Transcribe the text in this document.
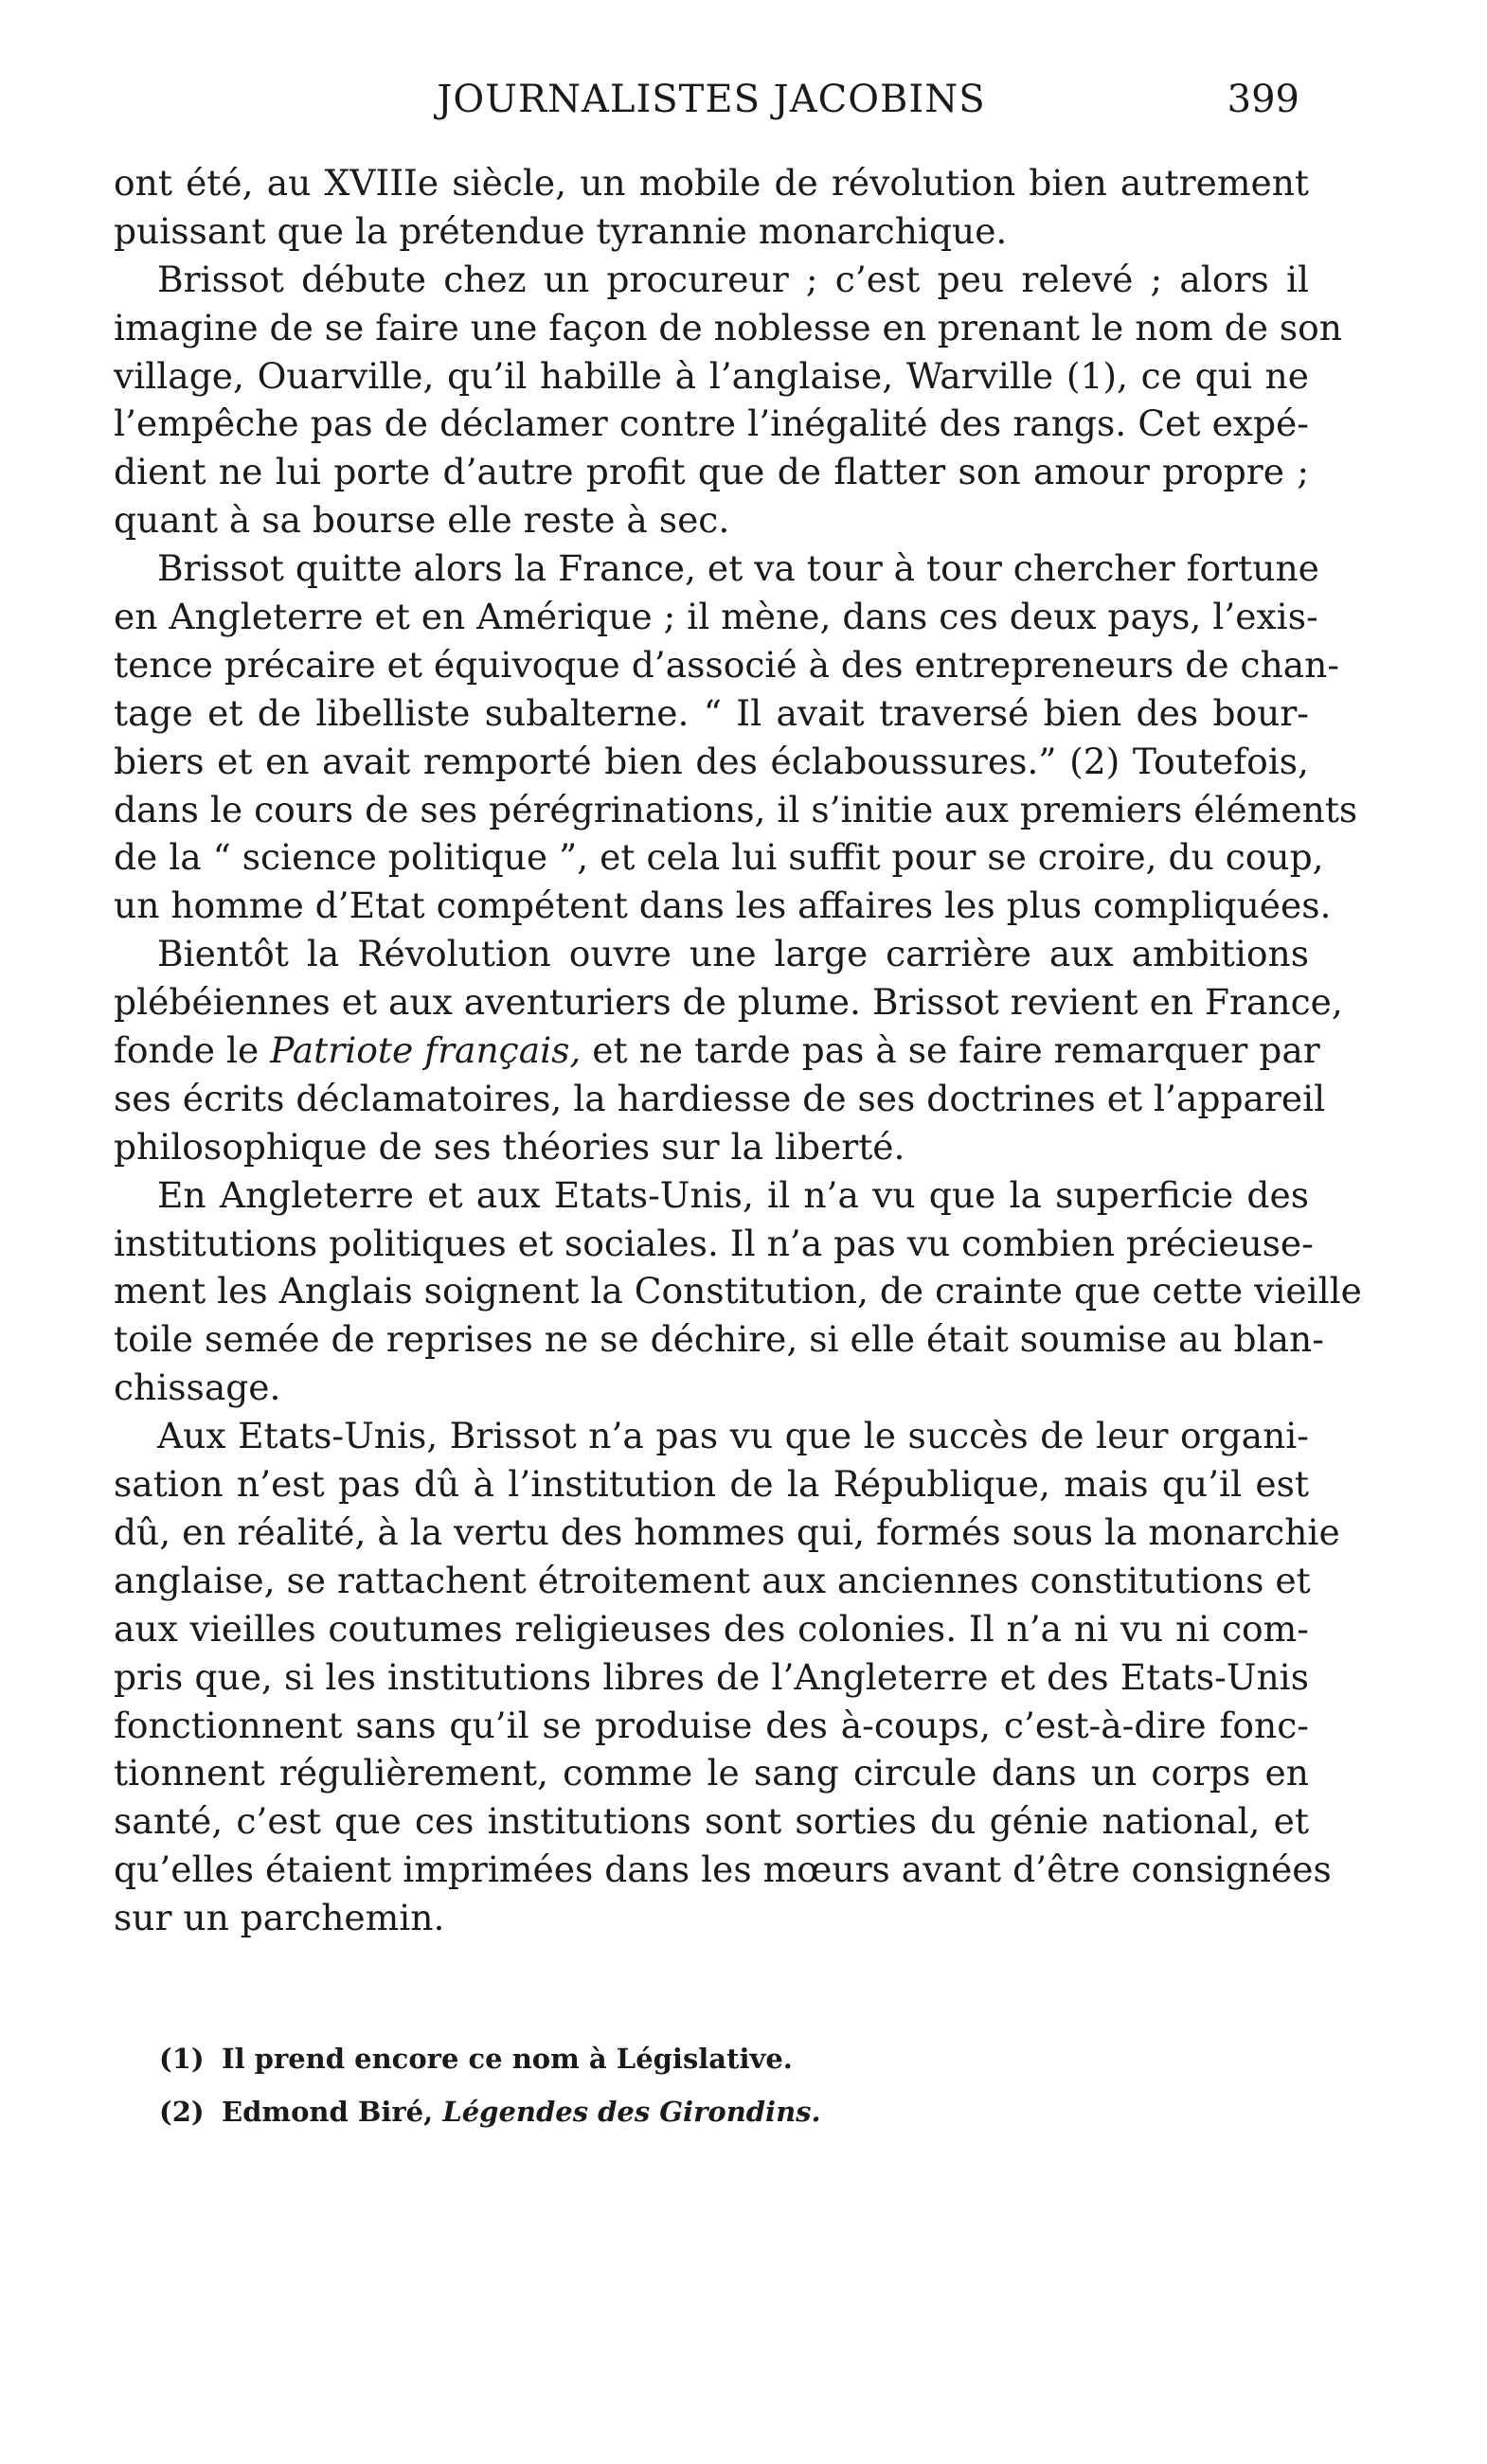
JOURNALISTES JACOBINS	399
ont été, au XVIIIe siècle, un mobile de révolution bien autrement
puissant que la prétendue tyrannie monarchique.
Brissot débute chez un procureur ; c’est peu relevé ; alors il
imagine de se faire une façon de noblesse en prenant le nom de son
village, Ouarville, qu’il habille à l’anglaise, Warville (1), ce qui ne
l’empêche pas de déclamer contre l’inégalité des rangs. Cet expé-
dient ne lui porte d’autre profit que de flatter son amour propre ;
quant à sa bourse elle reste à sec.
Brissot quitte alors la France, et va tour à tour chercher fortune
en Angleterre et en Amérique ; il mène, dans ces deux pays, l’exis-
tence précaire et équivoque d’associé à des entrepreneurs de chan-
tage et de libelliste subalterne. “ Il avait traversé bien des bour-
biers et en avait remporté bien des éclaboussures.” (2) Toutefois,
dans le cours de ses pérégrinations, il s’initie aux premiers éléments
de la “ science politique ”, et cela lui suffit pour se croire, du coup,
un homme d’Etat compétent dans les affaires les plus compliquées.
Bientôt la Révolution ouvre une large carrière aux ambitions
plébéiennes et aux aventuriers de plume. Brissot revient en France,
fonde le Patriote français, et ne tarde pas à se faire remarquer par
ses écrits déclamatoires, la hardiesse de ses doctrines et l’appareil
philosophique de ses théories sur la liberté.
En Angleterre et aux Etats-Unis, il n’a vu que la superficie des
institutions politiques et sociales. Il n’a pas vu combien précieuse-
ment les Anglais soignent la Constitution, de crainte que cette vieille
toile semée de reprises ne se déchire, si elle était soumise au blan-
chissage.
Aux Etats-Unis, Brissot n’a pas vu que le succès de leur organi-
sation n’est pas dû à l’institution de la République, mais qu’il est
dû, en réalité, à la vertu des hommes qui, formés sous la monarchie
anglaise, se rattachent étroitement aux anciennes constitutions et
aux vieilles coutumes religieuses des colonies. Il n’a ni vu ni com-
pris que, si les institutions libres de l’Angleterre et des Etats-Unis
fonctionnent sans qu’il se produise des à-coups, c’est-à-dire fonc-
tionnent régulièrement, comme le sang circule dans un corps en
santé, c’est que ces institutions sont sorties du génie national, et
qu’elles étaient imprimées dans les mœurs avant d’être consignées
sur un parchemin.
(1) Il prend encore ce nom à Législative.
(2) Edmond Biré, Légendes des Girondins.
